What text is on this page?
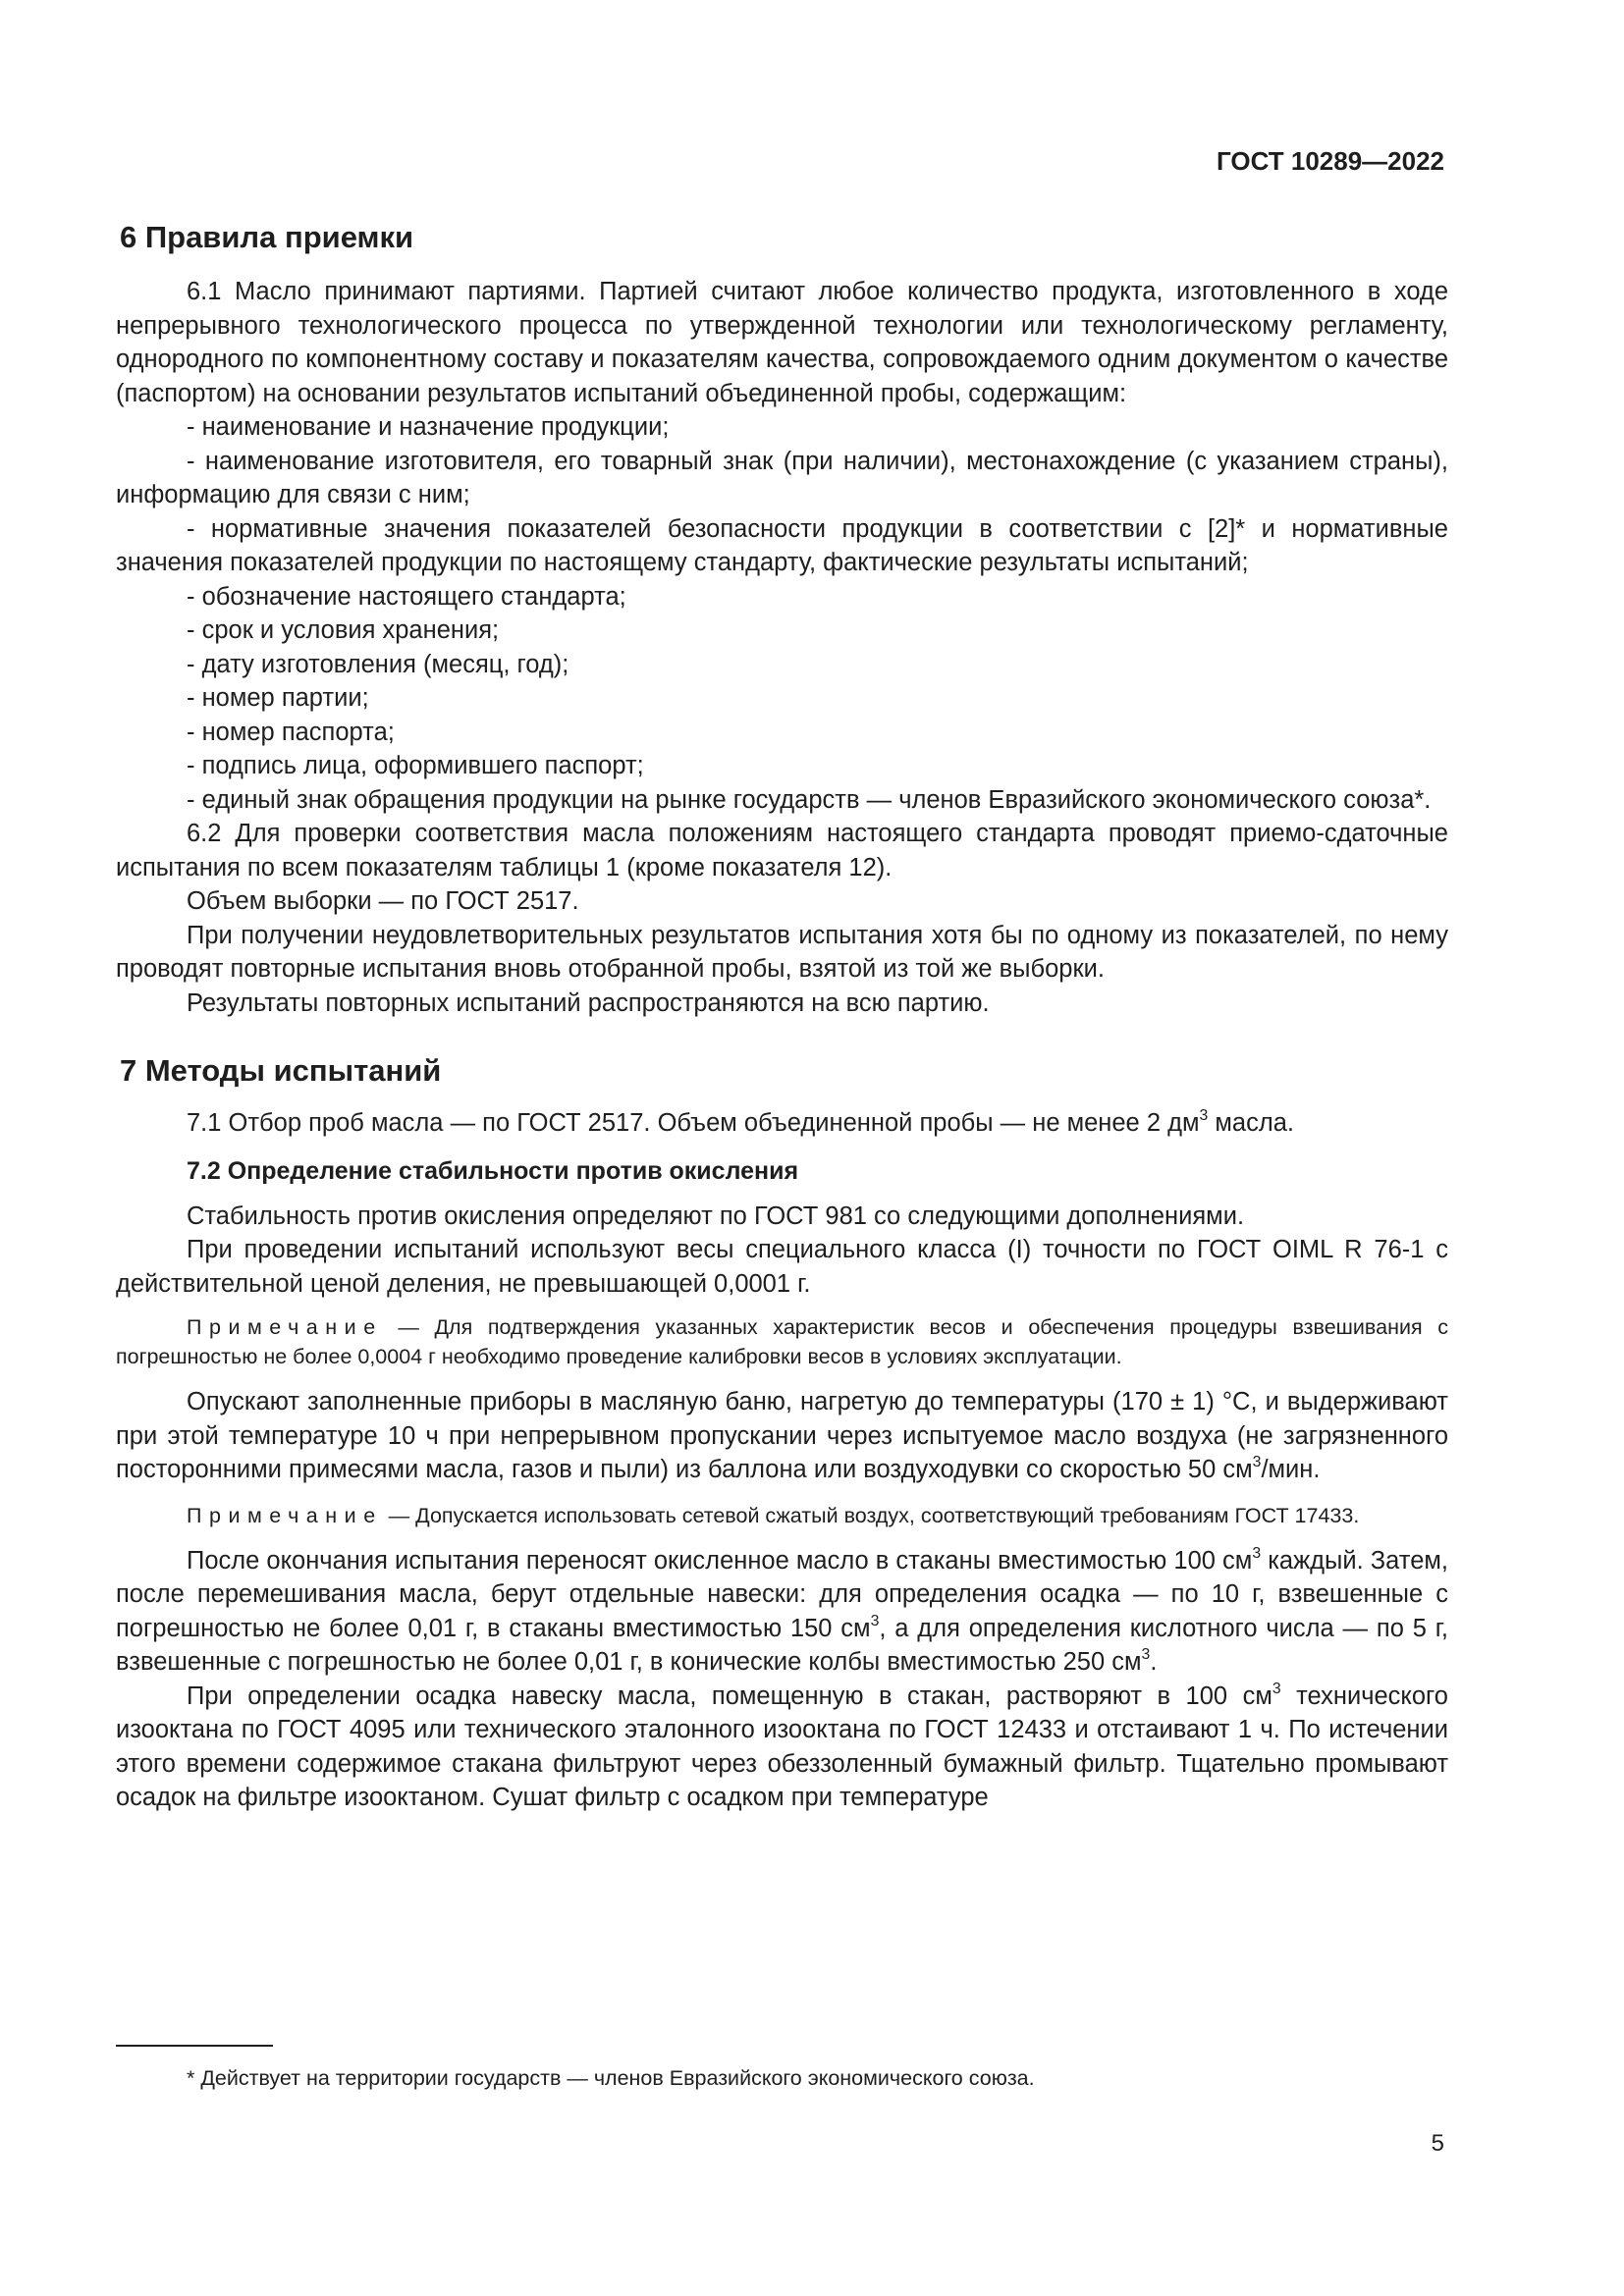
ГОСТ 10289—2022
6 Правила приемки

6.1 Масло принимают партиями. Партией считают любое количество продукта, изготовленного в ходе непрерывного технологического процесса по утвержденной технологии или технологическому регламенту, однородного по компонентному составу и показателям качества, сопровождаемого одним документом о качестве (паспортом) на основании результатов испытаний объединенной пробы, содержащим:

- наименование и назначение продукции;

- наименование изготовителя, его товарный знак (при наличии), местонахождение (с указанием страны), информацию для связи с ним;

- нормативные значения показателей безопасности продукции в соответствии с [2]* и нормативные значения показателей продукции по настоящему стандарту, фактические результаты испытаний;

- обозначение настоящего стандарта;

- срок и условия хранения;

- дату изготовления (месяц, год);

- номер партии;

- номер паспорта;

- подпись лица, оформившего паспорт;

- единый знак обращения продукции на рынке государств — членов Евразийского экономического союза*.

6.2 Для проверки соответствия масла положениям настоящего стандарта проводят приемо-сдаточные испытания по всем показателям таблицы 1 (кроме показателя 12).

Объем выборки — по ГОСТ 2517.

При получении неудовлетворительных результатов испытания хотя бы по одному из показателей, по нему проводят повторные испытания вновь отобранной пробы, взятой из той же выборки.

Результаты повторных испытаний распространяются на всю партию.

7 Методы испытаний

7.1 Отбор проб масла — по ГОСТ 2517. Объем объединенной пробы — не менее 2 $дм^3$ масла.

7.2 Определение стабильности против окисления

Стабильность против окисления определяют по ГОСТ 981 со следующими дополнениями.

При проведении испытаний используют весы специального класса (I) точности по ГОСТ OIML R 76-1 с действительной ценой деления, не превышающей 0,0001 г.

Примечание — Для подтверждения указанных характеристик весов и обеспечения процедуры взвешивания с погрешностью не более 0,0004 г необходимо проведение калибровки весов в условиях эксплуатации.

Опускают заполненные приборы в масляную баню, нагретую до температуры (170 ± 1) °C, и выдерживают при этой температуре 10 ч при непрерывном пропускании через испытуемое масло воздуха (не загрязненного посторонними примесями масла, газов и пыли) из баллона или воздуходувки со скоростью 50 $см^3$/мин.

Примечание — Допускается использовать сетевой сжатый воздух, соответствующий требованиям ГОСТ 17433.

После окончания испытания переносят окисленное масло в стаканы вместимостью 100 $см^3$ каждый. Затем, после перемешивания масла, берут отдельные навески: для определения осадка — по 10 г, взвешенные с погрешностью не более 0,01 г, в стаканы вместимостью 150 $см^3$, а для определения кислотного числа — по 5 г, взвешенные с погрешностью не более 0,01 г, в конические колбы вместимостью 250 $см^3$.

При определении осадка навеску масла, помещенную в стакан, растворяют в 100 $см^3$ технического изооктана по ГОСТ 4095 или технического эталонного изооктана по ГОСТ 12433 и отстаивают 1 ч. По истечении этого времени содержимое стакана фильтруют через обеззоленный бумажный фильтр. Тщательно промывают осадок на фильтре изооктаном. Сушат фильтр с осадком при температуре

* Действует на территории государств — членов Евразийского экономического союза.
5
